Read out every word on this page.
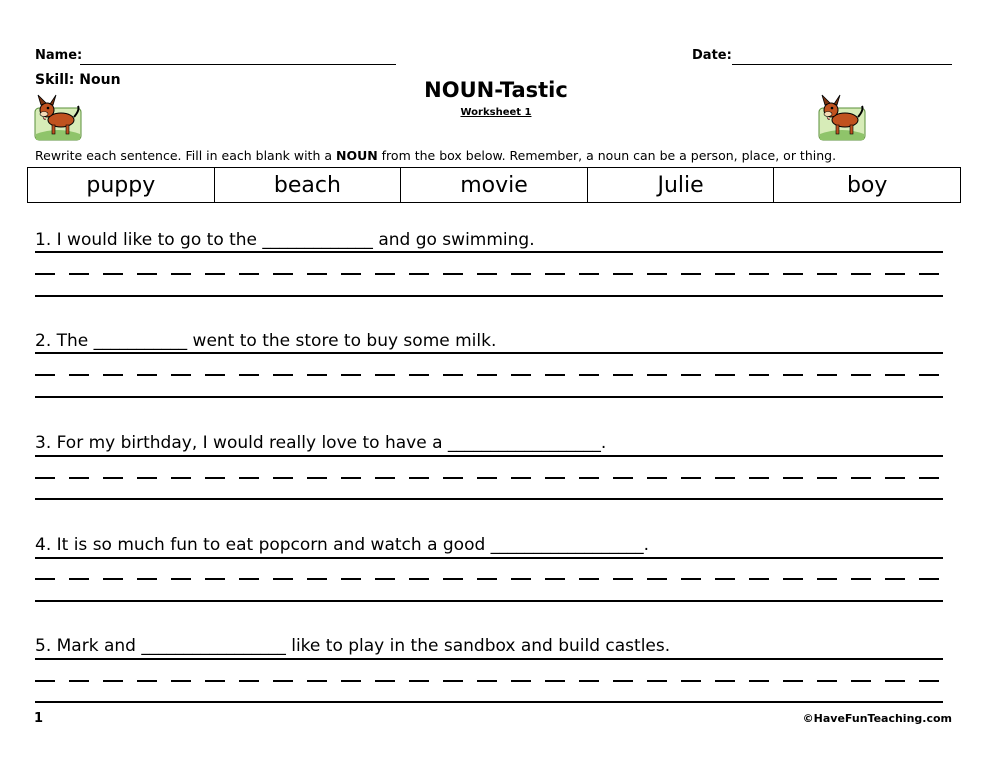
Name:	Date:
Skill: Noun	NOUN-Tastic
Worksheet 1
Rewrite each sentence. Fill in each blank with a NOUN from the box below. Remember, a noun can be a person, place, or thing.
puppy	beach	movie	Julie	boy
1. I would like to go to the _____________ and go swimming.
2. The ___________ went to the store to buy some milk.
3. For my birthday, I would really love to have a __________________.
4. It is so much fun to eat popcorn and watch a good __________________.
5. Mark and _________________ like to play in the sandbox and build castles.
1	©HaveFunTeaching.com
